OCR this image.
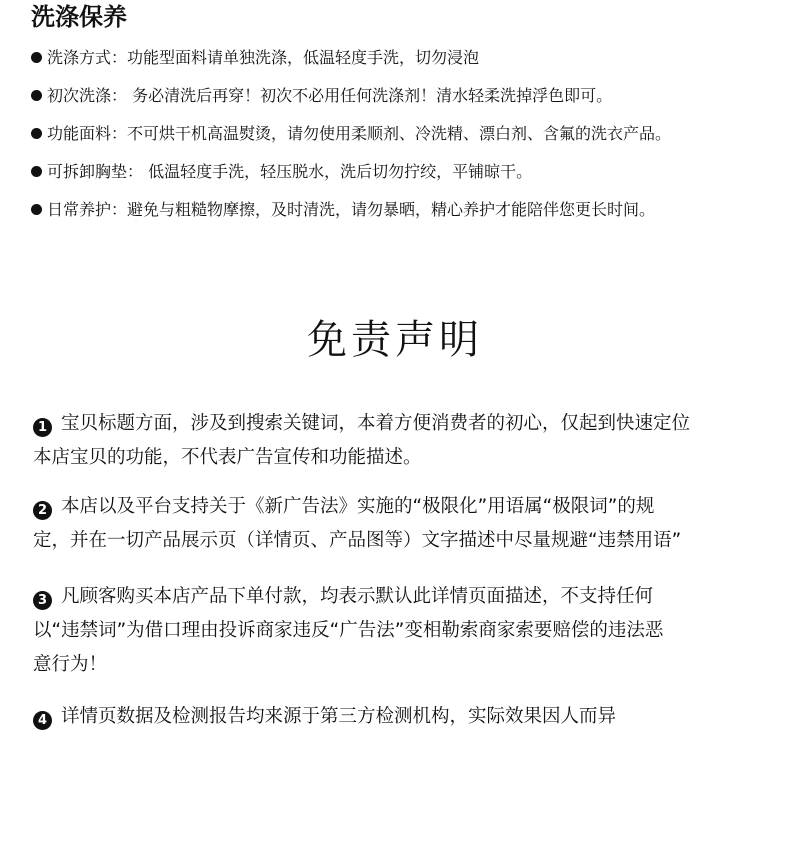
洗涤保养
洗涤方式：功能型面料请单独洗涤，低温轻度手洗，切勿浸泡
初次洗涤： 务必清洗后再穿！初次不必用任何洗涤剂！清水轻柔洗掉浮色即可。
功能面料：不可烘干机高温熨烫，请勿使用柔顺剂、冷洗精、漂白剂、含氟的洗衣产品。
可拆卸胸垫： 低温轻度手洗，轻压脱水，洗后切勿拧绞，平铺晾干。
日常养护：避免与粗糙物摩擦，及时清洗，请勿暴晒，精心养护才能陪伴您更长时间。
免责声明
1 宝贝标题方面，涉及到搜索关键词，本着方便消费者的初心，仅起到快速定位
本店宝贝的功能，不代表广告宣传和功能描述。
2 本店以及平台支持关于《新广告法》实施的“极限化”用语属“极限词”的规
定，并在一切产品展示页（详情页、产品图等）文字描述中尽量规避“违禁用语”
3 凡顾客购买本店产品下单付款，均表示默认此详情页面描述，不支持任何
以“违禁词”为借口理由投诉商家违反“广告法”变相勒索商家索要赔偿的违法恶
意行为！
4 详情页数据及检测报告均来源于第三方检测机构，实际效果因人而异
